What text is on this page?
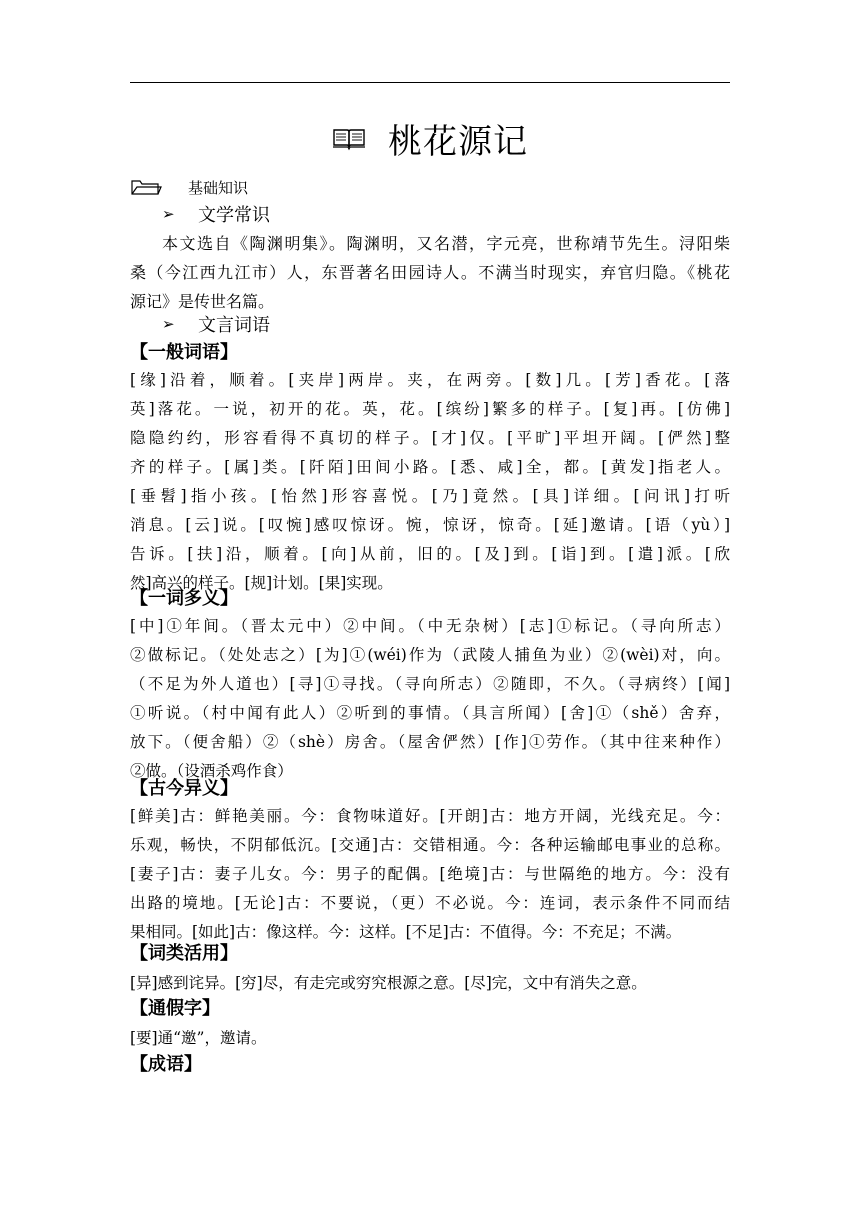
桃花源记
基础知识
➢	文学常识
本文选自《陶渊明集》。陶渊明，又名潜，字元亮，世称靖节先生。浔阳柴
桑（今江西九江市）人，东晋著名田园诗人。不满当时现实，弃官归隐。《桃花
源记》是传世名篇。
➢	文言词语
【一般词语】
[缘]沿着，顺着。[夹岸]两岸。夹，在两旁。[数]几。[芳]香花。[落
英]落花。一说，初开的花。英，花。[缤纷]繁多的样子。[复]再。[仿佛]
隐隐约约，形容看得不真切的样子。[才]仅。[平旷]平坦开阔。[俨然]整
齐的样子。[属]类。[阡陌]田间小路。[悉、咸]全，都。[黄发]指老人。
[垂髫]指小孩。[怡然]形容喜悦。[乃]竟然。[具]详细。[问讯]打听
消息。[云]说。[叹惋]感叹惊讶。惋，惊讶，惊奇。[延]邀请。[语（yù）]
告诉。[扶]沿，顺着。[向]从前，旧的。[及]到。[诣]到。[遣]派。[欣
然]高兴的样子。[规]计划。[果]实现。
【一词多义】
[中]①年间。（晋太元中）②中间。（中无杂树）[志]①标记。（寻向所志）
②做标记。（处处志之）[为]①(wéi)作为（武陵人捕鱼为业）②(wèi)对，向。
（不足为外人道也）[寻]①寻找。（寻向所志）②随即，不久。（寻病终）[闻]
①听说。（村中闻有此人）②听到的事情。（具言所闻）[舍]①（shě）舍弃，
放下。（便舍船）②（shè）房舍。（屋舍俨然）[作]①劳作。（其中往来种作）
②做。（设酒杀鸡作食）
【古今异义】
[鲜美]古：鲜艳美丽。今：食物味道好。[开朗]古：地方开阔，光线充足。今：
乐观，畅快，不阴郁低沉。[交通]古：交错相通。今：各种运输邮电事业的总称。
[妻子]古：妻子儿女。今：男子的配偶。[绝境]古：与世隔绝的地方。今：没有
出路的境地。[无论]古：不要说，（更）不必说。今：连词，表示条件不同而结
果相同。[如此]古：像这样。今：这样。[不足]古：不值得。今：不充足；不满。
【词类活用】
[异]感到诧异。[穷]尽，有走完或穷究根源之意。[尽]完，文中有消失之意。
【通假字】
[要]通“邀”，邀请。
【成语】
